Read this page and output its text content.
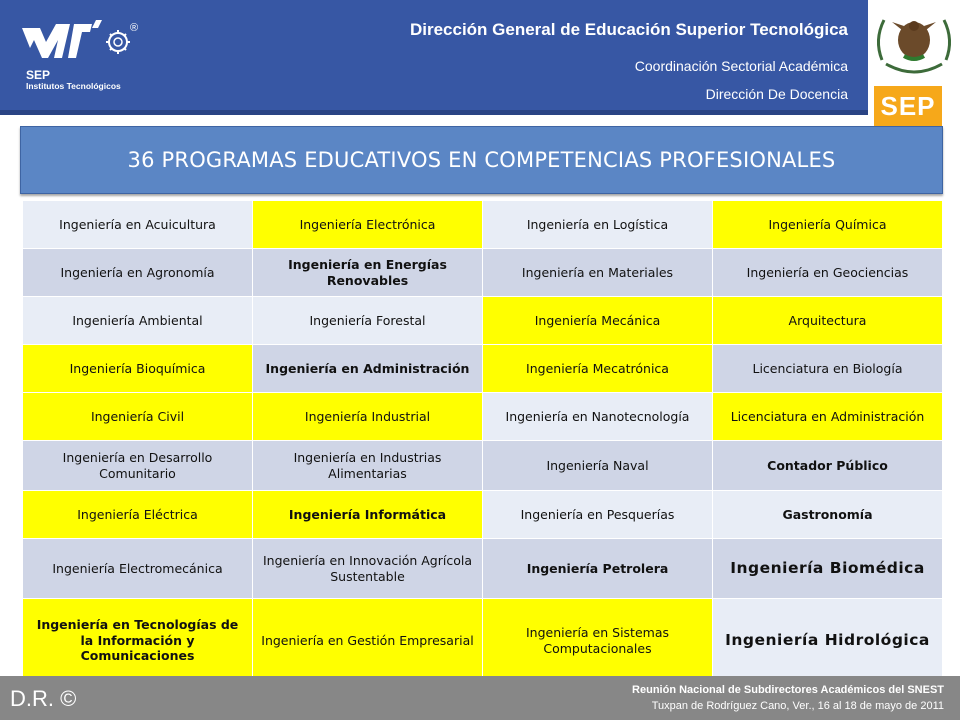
SEP
Institutos Tecnológicos
®	Dirección General de Educación Superior Tecnológica
Coordinación Sectorial Académica
Dirección De Docencia SEP
36 PROGRAMAS EDUCATIVOS EN COMPETENCIAS PROFESIONALES
Ingeniería en Acuicultura	Ingeniería Electrónica	Ingeniería en Logística	Ingeniería Química
Ingeniería en Agronomía	Ingeniería en Energías Renovables	Ingeniería en Materiales	Ingeniería en Geociencias
Ingeniería Ambiental	Ingeniería Forestal	Ingeniería Mecánica	Arquitectura
Ingeniería Bioquímica	Ingeniería en Administración	Ingeniería Mecatrónica	Licenciatura en Biología
Ingeniería Civil	Ingeniería Industrial	Ingeniería en Nanotecnología	Licenciatura en Administración
Ingeniería en Desarrollo Comunitario	Ingeniería en Industrias Alimentarias	Ingeniería Naval	Contador Público
Ingeniería Eléctrica	Ingeniería Informática	Ingeniería en Pesquerías	Gastronomía
Ingeniería Electromecánica	Ingeniería en Innovación Agrícola Sustentable	Ingeniería Petrolera	Ingeniería Biomédica
Ingeniería en Tecnologías de la Información y Comunicaciones	Ingeniería en Gestión Empresarial	Ingeniería en Sistemas Computacionales	Ingeniería Hidrológica
D.R. ©	Reunión Nacional de Subdirectores Académicos del SNEST
Tuxpan de Rodríguez Cano, Ver., 16 al 18 de mayo de 2011
